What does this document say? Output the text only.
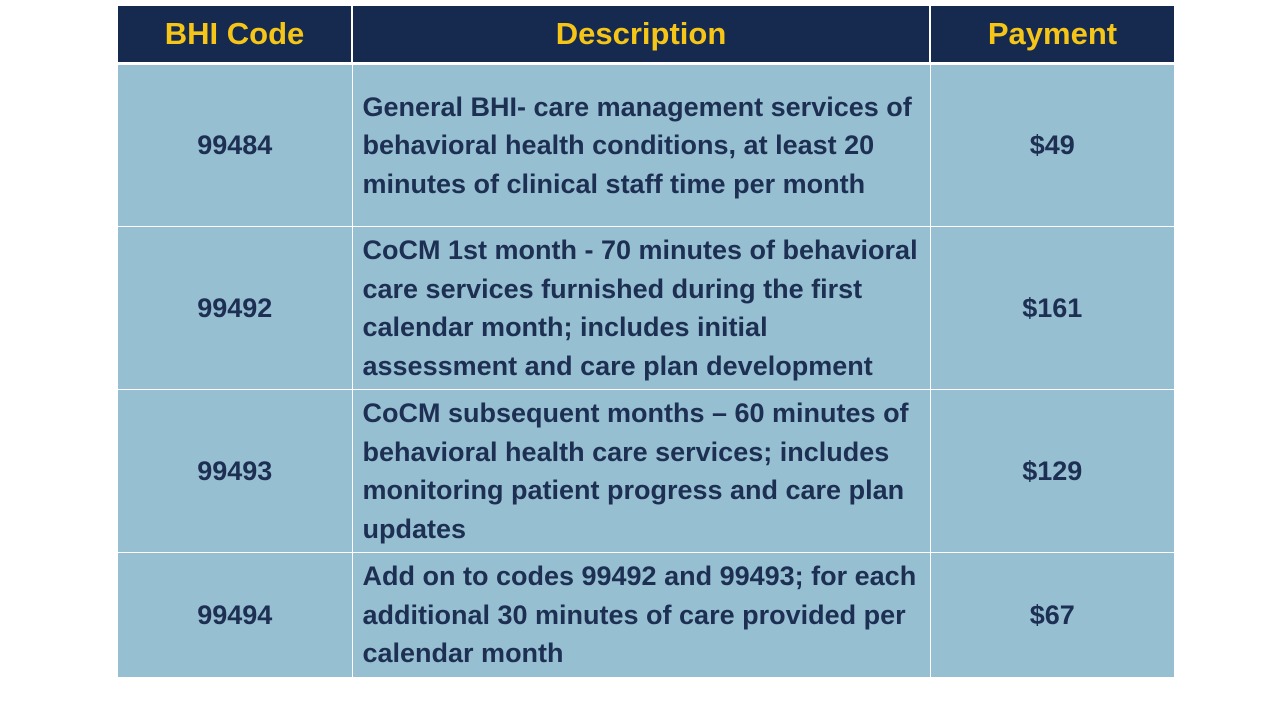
BHI Code	Description	Payment
99484	General BHI- care management services of behavioral health conditions, at least 20 minutes of clinical staff time per month	$49
99492	CoCM 1st month - 70 minutes of behavioral care services furnished during the first calendar month; includes initial assessment and care plan development	$161
99493	CoCM subsequent months – 60 minutes of behavioral health care services; includes monitoring patient progress and care plan updates	$129
99494	Add on to codes 99492 and 99493; for each additional 30 minutes of care provided per calendar month	$67
